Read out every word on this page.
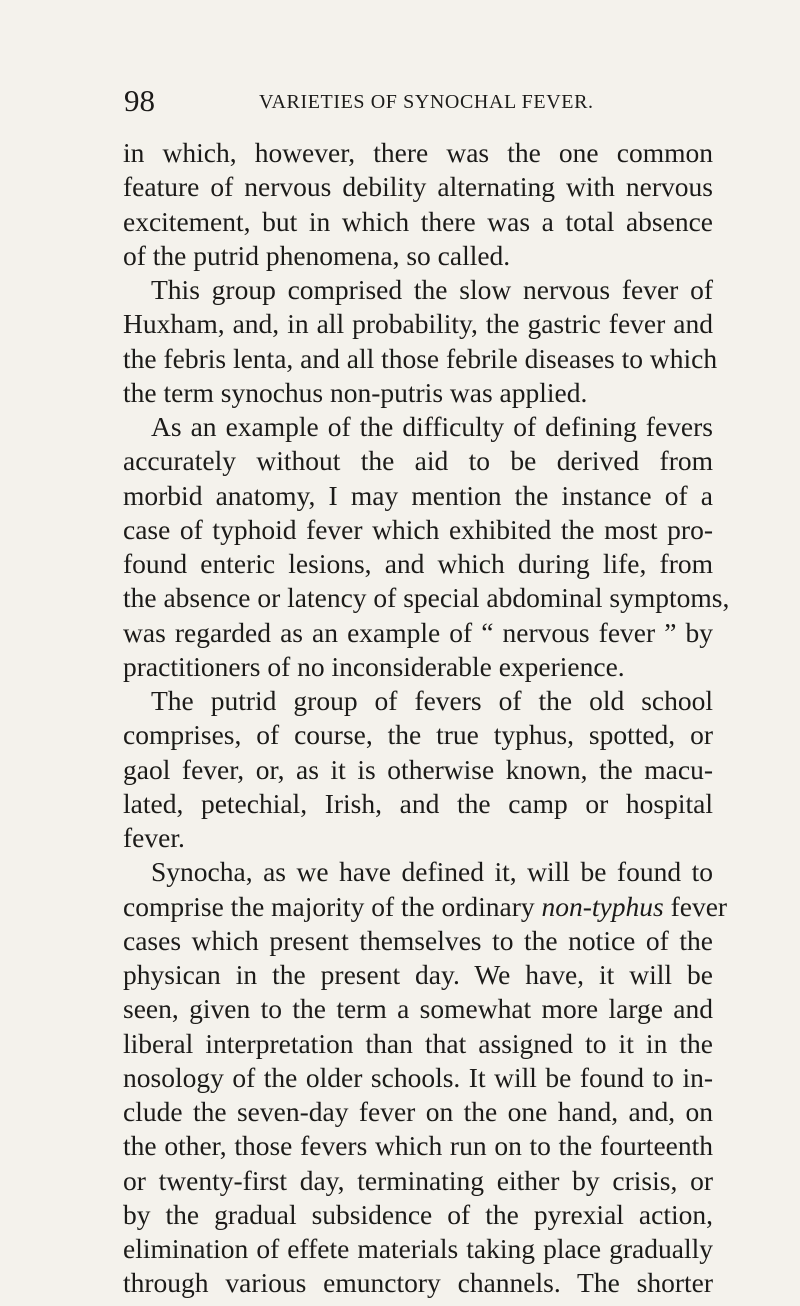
98	VARIETIES OF SYNOCHAL FEVER.
in which, however, there was the one common
feature of nervous debility alternating with nervous
excitement, but in which there was a total absence
of the putrid phenomena, so called.
This group comprised the slow nervous fever of
Huxham, and, in all probability, the gastric fever and
the febris lenta, and all those febrile diseases to which
the term synochus non-putris was applied.
As an example of the difficulty of defining fevers
accurately without the aid to be derived from
morbid anatomy, I may mention the instance of a
case of typhoid fever which exhibited the most pro-
found enteric lesions, and which during life, from
the absence or latency of special abdominal symptoms,
was regarded as an example of “ nervous fever ” by
practitioners of no inconsiderable experience.
The putrid group of fevers of the old school
comprises, of course, the true typhus, spotted, or
gaol fever, or, as it is otherwise known, the macu-
lated, petechial, Irish, and the camp or hospital
fever.
Synocha, as we have defined it, will be found to
comprise the majority of the ordinary non-typhus fever
cases which present themselves to the notice of the
physican in the present day. We have, it will be
seen, given to the term a somewhat more large and
liberal interpretation than that assigned to it in the
nosology of the older schools. It will be found to in-
clude the seven-day fever on the one hand, and, on
the other, those fevers which run on to the fourteenth
or twenty-first day, terminating either by crisis, or
by the gradual subsidence of the pyrexial action,
elimination of effete materials taking place gradually
through various emunctory channels. The shorter
